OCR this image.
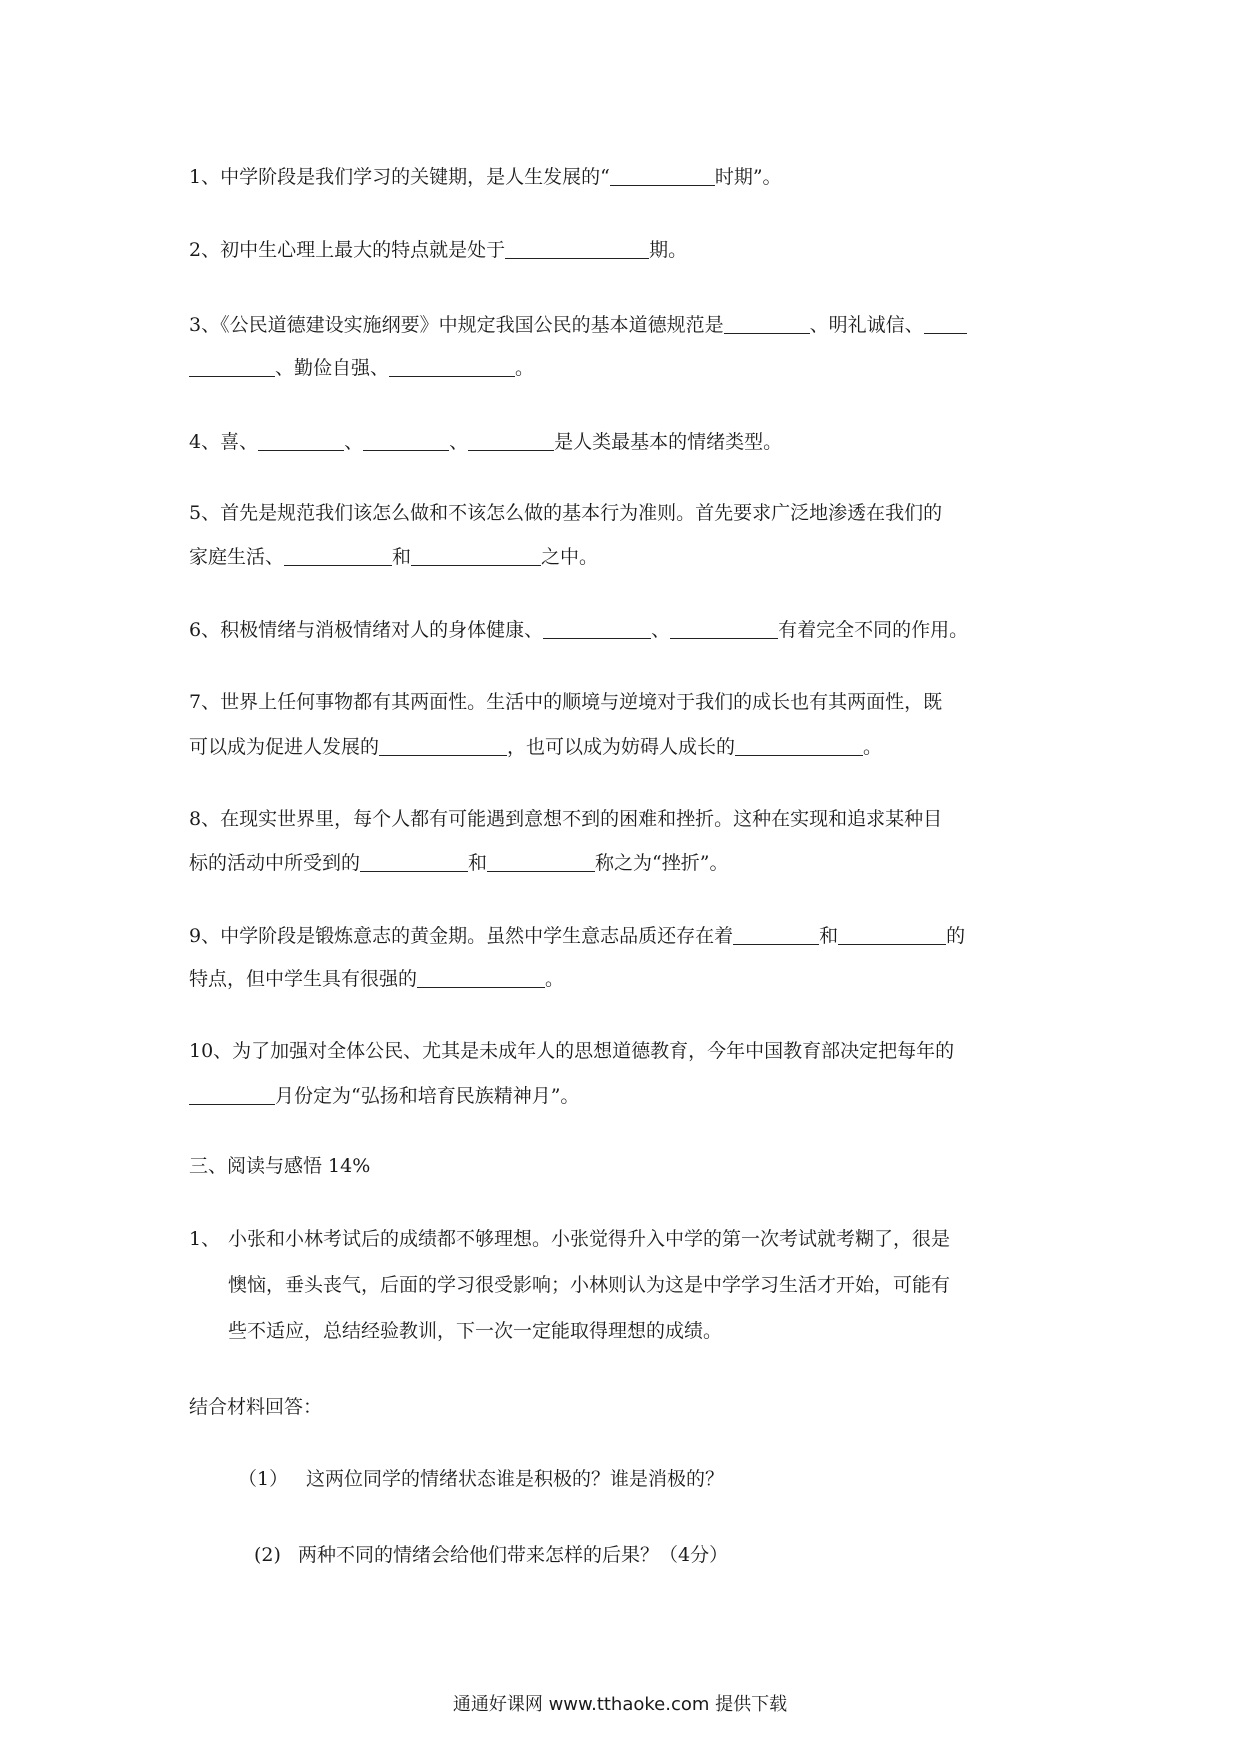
1、中学阶段是我们学习的关键期，是人生发展的“	时期”。
2、初中生心理上最大的特点就是处于	期。
3、《公民道德建设实施纲要》中规定我国公民的基本道德规范是	、明礼诚信、
、勤俭自强、	。
4、喜、	、	、	是人类最基本的情绪类型。
5、首先是规范我们该怎么做和不该怎么做的基本行为准则。首先要求广泛地渗透在我们的
家庭生活、	和	之中。
6、积极情绪与消极情绪对人的身体健康、	、	有着完全不同的作用。
7、世界上任何事物都有其两面性。生活中的顺境与逆境对于我们的成长也有其两面性，既
可以成为促进人发展的	，也可以成为妨碍人成长的	。
8、在现实世界里，每个人都有可能遇到意想不到的困难和挫折。这种在实现和追求某种目
标的活动中所受到的	和	称之为“挫折”。
9、中学阶段是锻炼意志的黄金期。虽然中学生意志品质还存在着	和	的
特点，但中学生具有很强的	。
10、为了加强对全体公民、尤其是未成年人的思想道德教育，今年中国教育部决定把每年的
月份定为“弘扬和培育民族精神月”。
三、阅读与感悟 14%
1、 小张和小林考试后的成绩都不够理想。小张觉得升入中学的第一次考试就考糊了，很是
懊恼，垂头丧气，后面的学习很受影响；小林则认为这是中学学习生活才开始，可能有
些不适应，总结经验教训，下一次一定能取得理想的成绩。
结合材料回答：
（1） 这两位同学的情绪状态谁是积极的？谁是消极的？
(2) 两种不同的情绪会给他们带来怎样的后果？（4分）
通通好课网 www.tthaoke.com 提供下载
